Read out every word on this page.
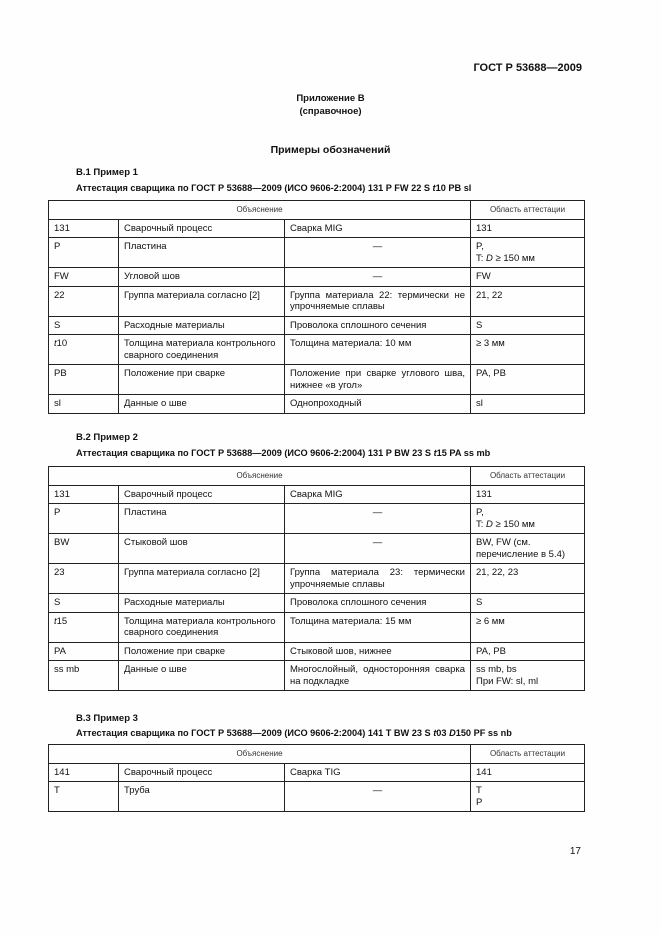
ГОСТ Р 53688—2009
Приложение В
(справочное)
Примеры обозначений
В.1 Пример 1
Аттестация сварщика по ГОСТ Р 53688—2009 (ИСО 9606-2:2004) 131 P FW 22 S t10 PB sl
Объяснение			Область аттестации
131	Сварочный процесс	Сварка MIG	131
P	Пластина	—	P,
T: D ≥ 150 мм
FW	Угловой шов	—	FW
22	Группа материала согласно [2]	Группа материала 22: термически не упрочняемые сплавы	21, 22
S	Расходные материалы	Проволока сплошного сечения	S
t10	Толщина материала контрольного сварного соединения	Толщина материала: 10 мм	≥ 3 мм
PB	Положение при сварке	Положение при сварке углового шва, нижнее «в угол»	PA, PB
sl	Данные о шве	Однопроходный	sl
В.2 Пример 2
Аттестация сварщика по ГОСТ Р 53688—2009 (ИСО 9606-2:2004) 131 P BW 23 S t15 PA ss mb
Объяснение			Область аттестации
131	Сварочный процесс	Сварка MIG	131
P	Пластина	—	P,
T: D ≥ 150 мм
BW	Стыковой шов	—	BW, FW (см. перечисление в 5.4)
23	Группа материала согласно [2]	Группа материала 23: термически упрочняемые сплавы	21, 22, 23
S	Расходные материалы	Проволока сплошного сечения	S
t15	Толщина материала контрольного сварного соединения	Толщина материала: 15 мм	≥ 6 мм
PA	Положение при сварке	Стыковой шов, нижнее	PA, PB
ss mb	Данные о шве	Многослойный, односторонняя сварка на подкладке	ss mb, bs
При FW: sl, ml
В.3 Пример 3
Аттестация сварщика по ГОСТ Р 53688—2009 (ИСО 9606-2:2004) 141 T BW 23 S t03 D150 PF ss nb
Объяснение			Область аттестации
141	Сварочный процесс	Сварка TIG	141
T	Труба	—	T
P
17
